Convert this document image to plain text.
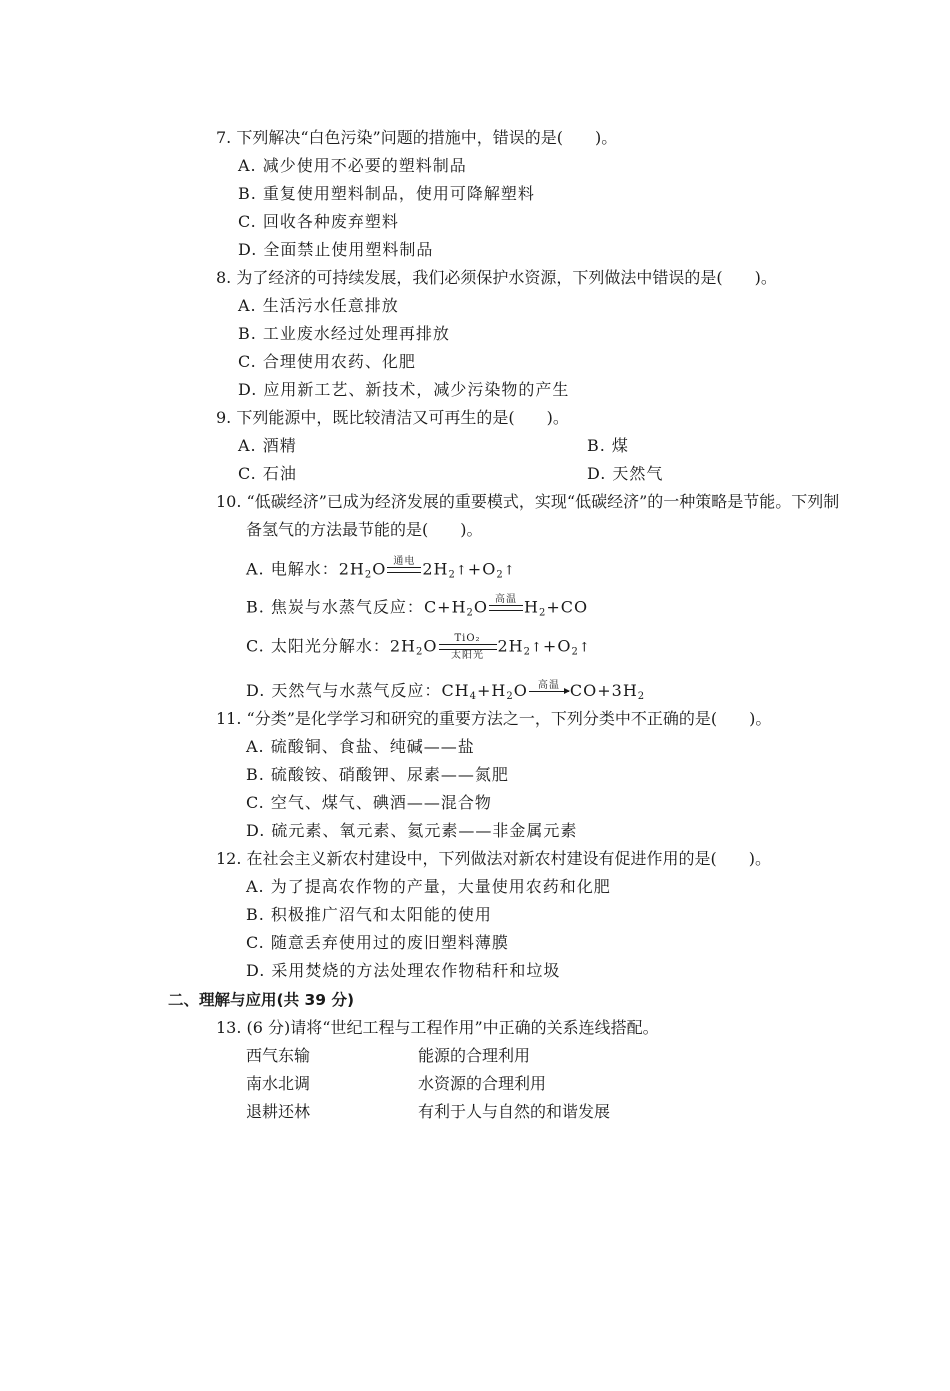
7. 下列解决“白色污染”问题的措施中，错误的是(　　)。
A. 减少使用不必要的塑料制品
B. 重复使用塑料制品，使用可降解塑料
C. 回收各种废弃塑料
D. 全面禁止使用塑料制品
8. 为了经济的可持续发展，我们必须保护水资源，下列做法中错误的是(　　)。
A. 生活污水任意排放
B. 工业废水经过处理再排放
C. 合理使用农药、化肥
D. 应用新工艺、新技术，减少污染物的产生
9. 下列能源中，既比较清洁又可再生的是(　　)。
A. 酒精	B. 煤
C. 石油	D. 天然气
10. “低碳经济”已成为经济发展的重要模式，实现“低碳经济”的一种策略是节能。下列制
备氢气的方法最节能的是(　　)。
A. 电解水：$2H_2O$ 通电
$2H_2↑+O_2↑$
B. 焦炭与水蒸气反应：$C+H_2O$ 高温
$H_2+CO$
C. 太阳光分解水：$2H_2O$	TiO₂
太阳光 $2H_2↑+O_2↑$
D. 天然气与水蒸气反应：$CH_4+H_2O$	高温
$CO+3H_2$
11. “分类”是化学学习和研究的重要方法之一，下列分类中不正确的是(　　)。
A. 硫酸铜、食盐、纯碱——盐
B. 硫酸铵、硝酸钾、尿素——氮肥
C. 空气、煤气、碘酒——混合物
D. 硫元素、氧元素、氦元素——非金属元素
12. 在社会主义新农村建设中，下列做法对新农村建设有促进作用的是(　　)。
A. 为了提高农作物的产量，大量使用农药和化肥
B. 积极推广沼气和太阳能的使用
C. 随意丢弃使用过的废旧塑料薄膜
D. 采用焚烧的方法处理农作物秸秆和垃圾
二、理解与应用(共 39 分)
13. (6 分)请将“世纪工程与工程作用”中正确的关系连线搭配。
西气东输	能源的合理利用
南水北调	水资源的合理利用
退耕还林	有利于人与自然的和谐发展
